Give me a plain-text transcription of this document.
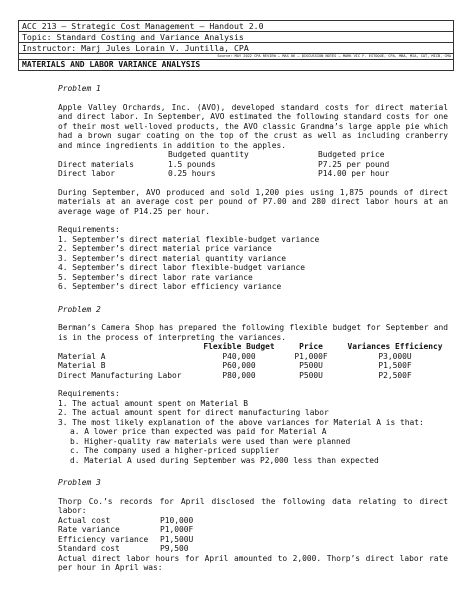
ACC 213 – Strategic Cost Management – Handout 2.0
Topic: Standard Costing and Variance Analysis
Instructor: Marj Jules Lorain V. Juntilla, CPA
Source: MAY 2022 CPA REVIEW – MAS 06 – DISCUSSION NOTES – MARK VIC F. ESTOQUE, CPA, MBA, MIA, CAT, MICB, CMA
MATERIALS AND LABOR VARIANCE ANALYSIS
Problem 1

Apple Valley Orchards, Inc. (AVO), developed standard costs for direct material and direct labor. In September, AVO estimated the following standard costs for one of their most well-loved products, the AVO classic Grandma’s large apple pie which had a brown sugar coating on the top of the crust as well as including cranberry and mince ingredients in addition to the apples.

	Budgeted quantity	Budgeted price
Direct materials	1.5 pounds	P7.25 per pound
Direct labor	0.25 hours	P14.00 per hour

During September, AVO produced and sold 1,200 pies using 1,875 pounds of direct materials at an average cost per pound of P7.00 and 280 direct labor hours at an average wage of P14.25 per hour.

Requirements:
1. September’s direct material flexible-budget variance
2. September’s direct material price variance
3. September’s direct material quantity variance
4. September’s direct labor flexible-budget variance
5. September’s direct labor rate variance
6. September’s direct labor efficiency variance
Problem 2

Berman’s Camera Shop has prepared the following flexible budget for September and is in the process of interpreting the variances.

	Flexible Budget	Price	Variances Efficiency
Material A	P40,000	P1,000F	P3,000U
Material B	P60,000	P500U	P1,500F
Direct Manufacturing Labor	P80,000	P500U	P2,500F
Requirements:
1. The actual amount spent on Material B
2. The actual amount spent for direct manufacturing labor
3. The most likely explanation of the above variances for Material A is that:
a. A lower price than expected was paid for Material A
b. Higher-quality raw materials were used than were planned
c. The company used a higher-priced supplier
d. Material A used during September was P2,000 less than expected
Problem 3

Thorp Co.’s records for April disclosed the following data relating to direct labor:

Actual cost	P10,000
Rate variance	P1,000F
Efficiency variance	P1,500U
Standard cost	P9,500

Actual direct labor hours for April amounted to 2,000. Thorp’s direct labor rate per hour in April was:
